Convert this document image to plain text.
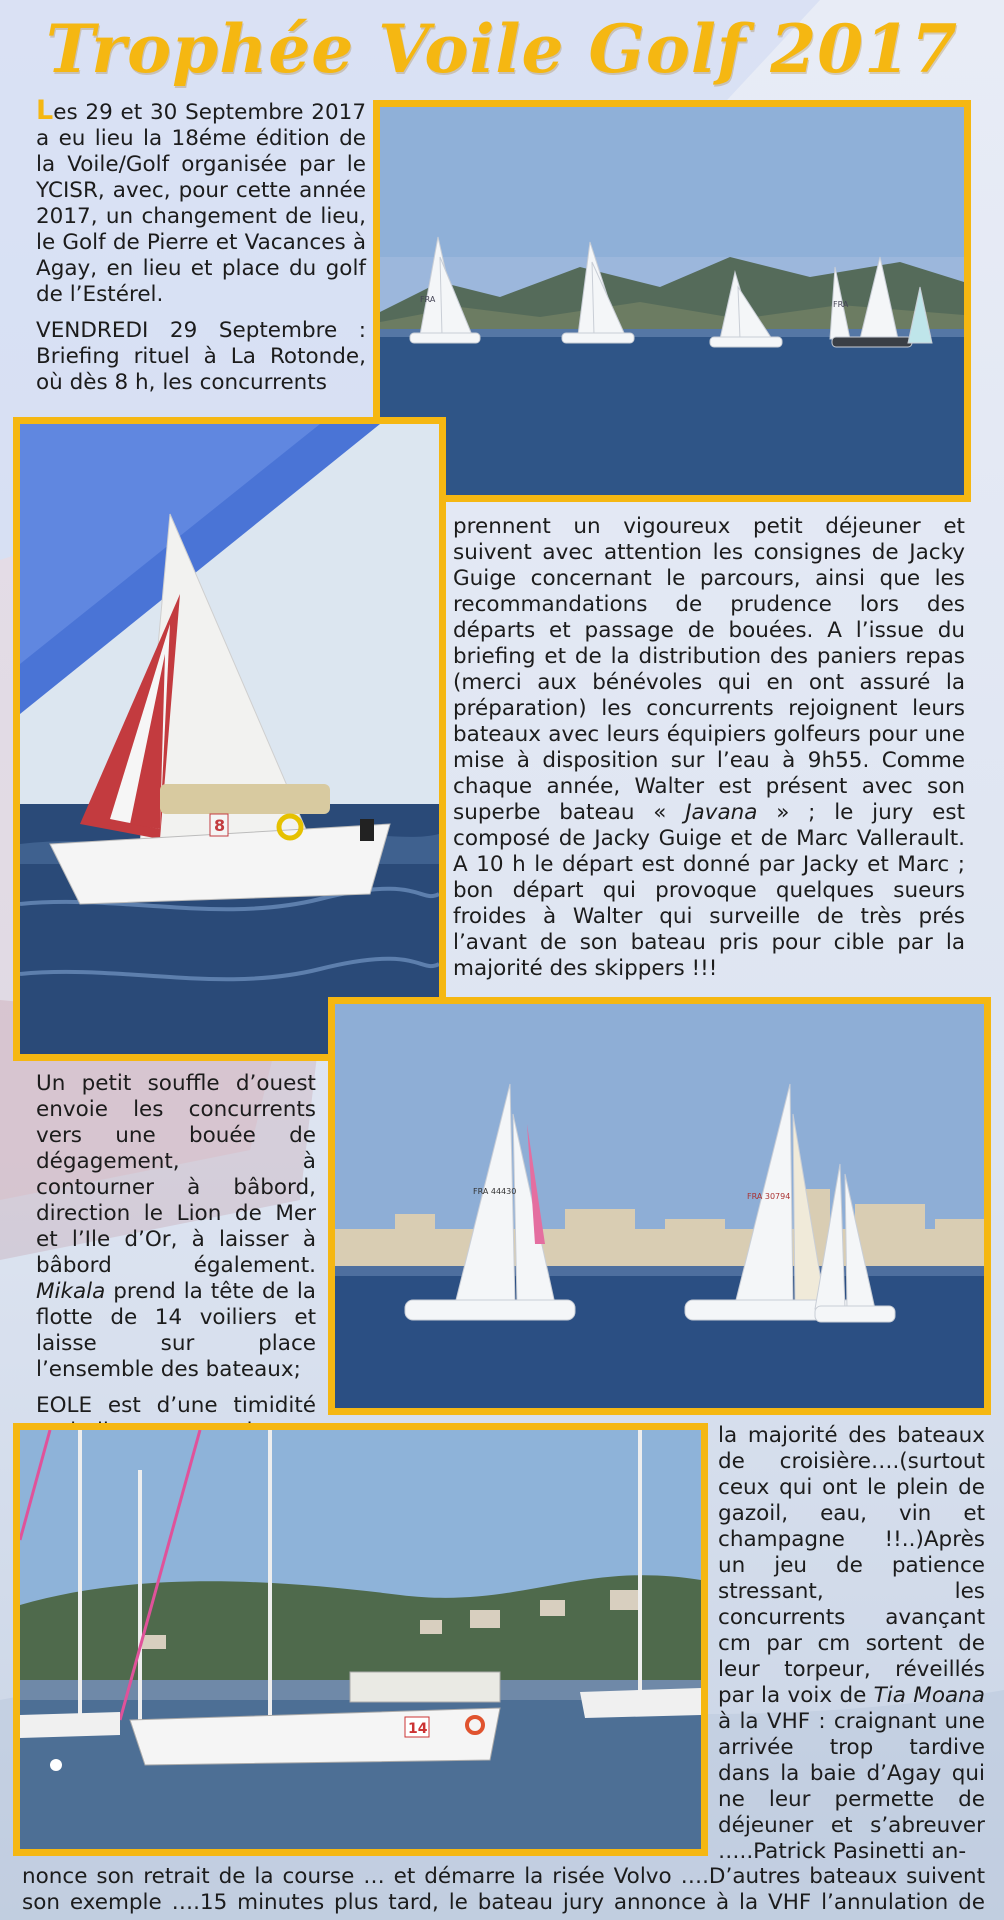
Trophée Voile Golf 2017

Les 29 et 30 Septembre 2017 a eu lieu la 18éme édition de la Voile/Golf organisée par le YCISR, avec, pour cette année 2017, un changement de lieu, le Golf de Pierre et Vacances à Agay, en lieu et place du golf de l’Estérel.

VENDREDI 29 Septembre : Briefing rituel à La Rotonde, où dès 8 h, les concurrents

FRA
FRA
8

prennent un vigoureux petit déjeuner et suivent avec attention les consignes de Jacky Guige concernant le parcours, ainsi que les recommandations de prudence lors des départs et passage de bouées. A l’issue du briefing et de la distribution des paniers repas (merci aux bénévoles qui en ont assuré la préparation) les concurrents rejoignent leurs bateaux avec leurs équipiers golfeurs pour une mise à disposition sur l’eau à 9h55. Comme chaque année, Walter est présent avec son superbe bateau « Javana » ; le jury est composé de Jacky Guige et de Marc Vallerault. A 10 h le départ est donné par Jacky et Marc ; bon départ qui provoque quelques sueurs froides à Walter qui surveille de très prés l’avant de son bateau pris pour cible par la majorité des skippers !!!

FRA 44430
FRA 30794

Un petit souffle d’ouest envoie les concurrents vers une bouée de dégagement, à contourner à bâbord, direction le Lion de Mer et l’Ile d’Or, à laisser à bâbord également. Mikala prend la tête de la flotte de 14 voiliers et laisse sur place l’ensemble des bateaux;

EOLE est d’une timidité

14

la majorité des bateaux de croisière….(surtout ceux qui ont le plein de gazoil, eau, vin et champagne !!..)Après un jeu de patience stressant, les concurrents avançant cm par cm sortent de leur torpeur, réveillés par la voix de Tia Moana à la VHF : craignant une arrivée trop tardive dans la baie d’Agay qui ne leur permette de déjeuner et s’abreuver …..Patrick Pasinetti an-

nonce son retrait de la course … et démarre la risée Volvo ….D’autres bateaux suivent

son exemple ….15 minutes plus tard, le bateau jury annonce à la VHF l’annulation de
